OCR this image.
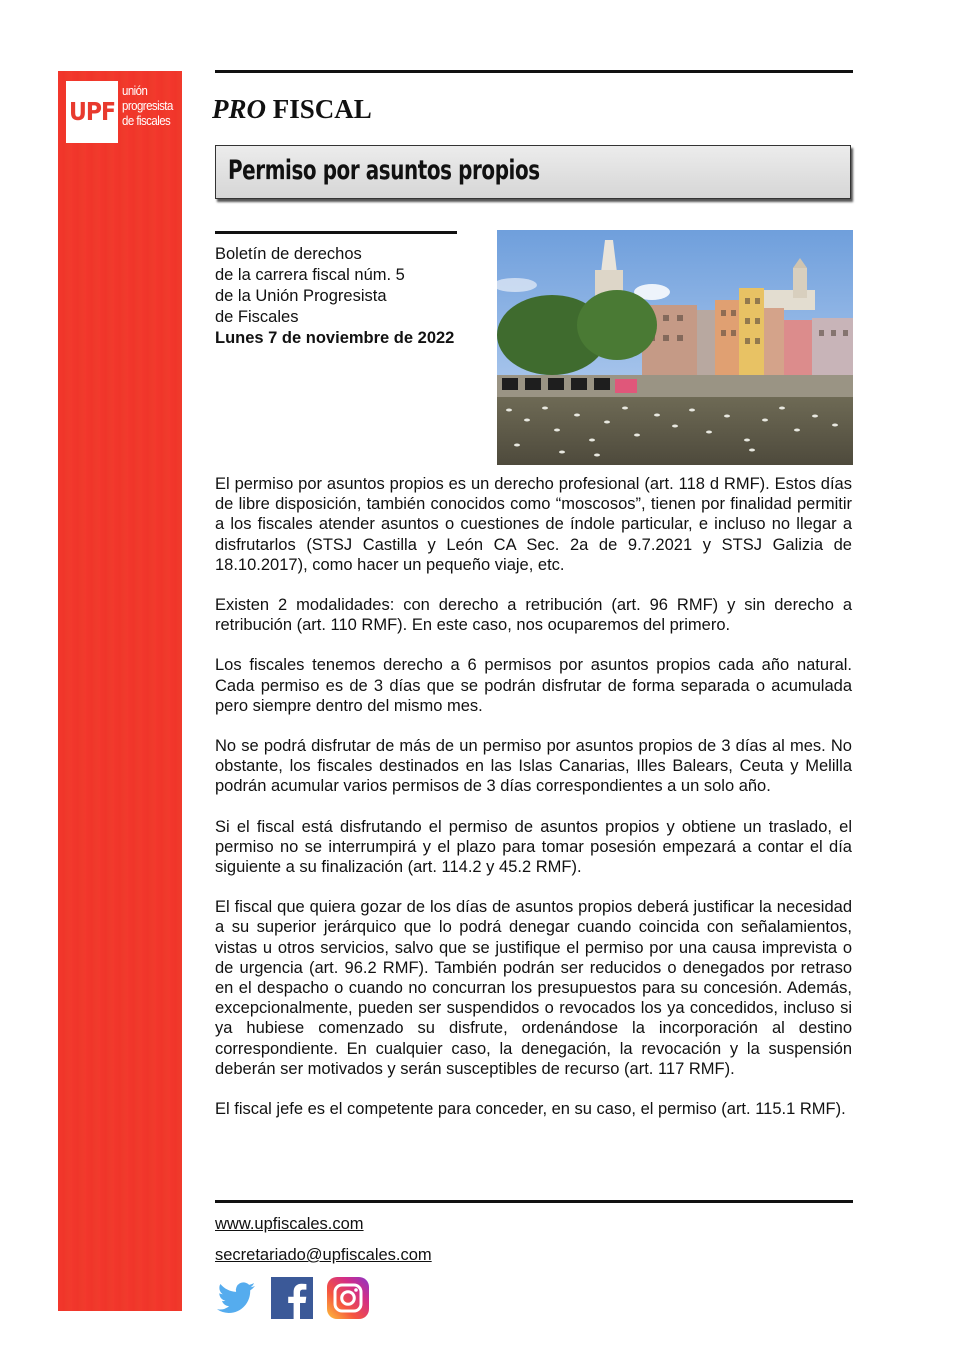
UPF
unión
progresista
de fiscales PRO FISCAL
Permiso por asuntos propios
Boletín de derechos
de la carrera fiscal núm. 5
de la Unión Progresista
de Fiscales
Lunes 7 de noviembre de 2022

El permiso por asuntos propios es un derecho profesional (art. 118 d RMF). Estos días de libre disposición, también conocidos como “moscosos”, tienen por finalidad permitir a los fiscales atender asuntos o cuestiones de índole particular, e incluso no llegar a disfrutarlos (STSJ Castilla y León CA Sec. 2a de 9.7.2021 y STSJ Galizia de 18.10.2017), como hacer un pequeño viaje, etc.

Existen 2 modalidades: con derecho a retribución (art. 96 RMF) y sin derecho a retribución (art. 110 RMF). En este caso, nos ocuparemos del primero.

Los fiscales tenemos derecho a 6 permisos por asuntos propios cada año natural. Cada permiso es de 3 días que se podrán disfrutar de forma separada o acumulada pero siempre dentro del mismo mes.

No se podrá disfrutar de más de un permiso por asuntos propios de 3 días al mes. No obstante, los fiscales destinados en las Islas Canarias, Illes Balears, Ceuta y Melilla podrán acumular varios permisos de 3 días correspondientes a un solo año.

Si el fiscal está disfrutando el permiso de asuntos propios y obtiene un traslado, el permiso no se interrumpirá y el plazo para tomar posesión empezará a contar el día siguiente a su finalización (art. 114.2 y 45.2 RMF).

El fiscal que quiera gozar de los días de asuntos propios deberá justificar la necesidad a su superior jerárquico que lo podrá denegar cuando coincida con señalamientos, vistas u otros servicios, salvo que se justifique el permiso por una causa imprevista o de urgencia (art. 96.2 RMF). También podrán ser reducidos o denegados por retraso en el despacho o cuando no concurran los presupuestos para su concesión. Además, excepcionalmente, pueden ser suspendidos o revocados los ya concedidos, incluso si ya hubiese comenzado su disfrute, ordenándose la incorporación al destino correspondiente. En cualquier caso, la denegación, la revocación y la suspensión deberán ser motivados y serán susceptibles de recurso (art. 117 RMF).

El fiscal jefe es el competente para conceder, en su caso, el permiso (art. 115.1 RMF).

www.upfiscales.com
secretariado@upfiscales.com
